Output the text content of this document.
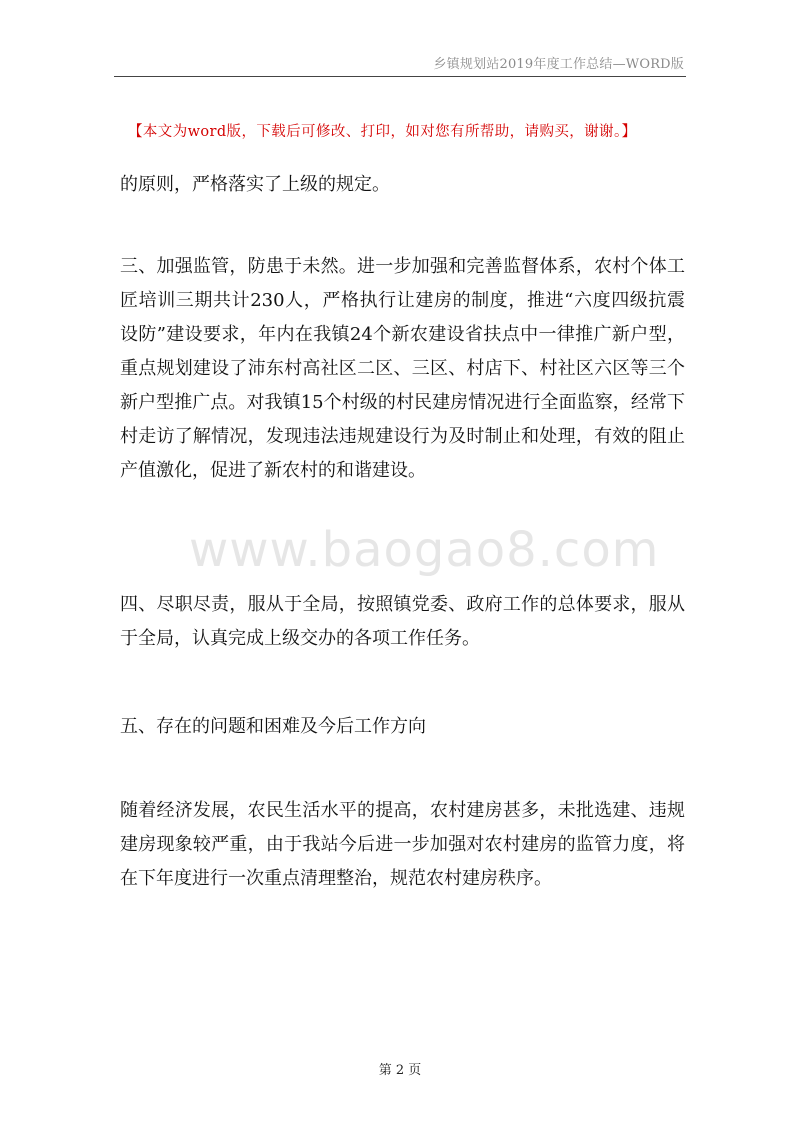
乡镇规划站2019年度工作总结—WORD版
【本文为word版，下载后可修改、打印，如对您有所帮助，请购买，谢谢。】
www.baogao8.com
的原则，严格落实了上级的规定。
三、加强监管，防患于未然。进一步加强和完善监督体系，农村个体工匠培训三期共计230人，严格执行让建房的制度，推进“六度四级抗震设防”建设要求，年内在我镇24个新农建设省扶点中一律推广新户型，重点规划建设了沛东村高社区二区、三区、村店下、村社区六区等三个新户型推广点。对我镇15个村级的村民建房情况进行全面监察，经常下村走访了解情况，发现违法违规建设行为及时制止和处理，有效的阻止产值激化，促进了新农村的和谐建设。
四、尽职尽责，服从于全局，按照镇党委、政府工作的总体要求，服从于全局，认真完成上级交办的各项工作任务。
五、存在的问题和困难及今后工作方向
随着经济发展，农民生活水平的提高，农村建房甚多，未批选建、违规建房现象较严重，由于我站今后进一步加强对农村建房的监管力度，将在下年度进行一次重点清理整治，规范农村建房秩序。
第 2 页
